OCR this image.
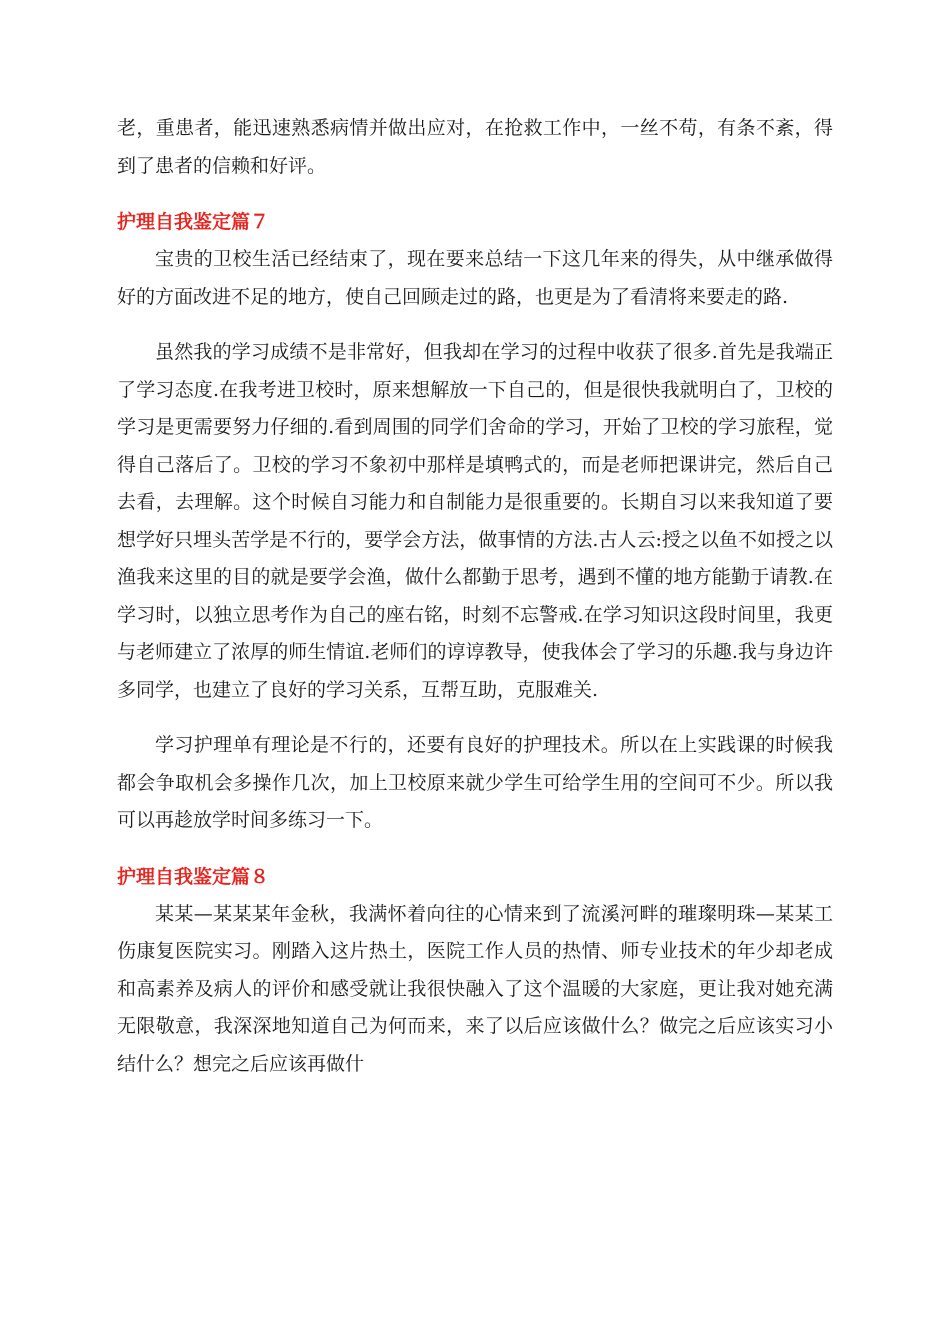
老，重患者，能迅速熟悉病情并做出应对，在抢救工作中，一丝不苟，有条不紊，得到了患者的信赖和好评。

护理自我鉴定篇７

宝贵的卫校生活已经结束了，现在要来总结一下这几年来的得失，从中继承做得好的方面改进不足的地方，使自己回顾走过的路，也更是为了看清将来要走的路.

虽然我的学习成绩不是非常好，但我却在学习的过程中收获了很多.首先是我端正了学习态度.在我考进卫校时，原来想解放一下自己的，但是很快我就明白了，卫校的学习是更需要努力仔细的.看到周围的同学们舍命的学习，开始了卫校的学习旅程，觉得自己落后了。卫校的学习不象初中那样是填鸭式的，而是老师把课讲完，然后自己去看，去理解。这个时候自习能力和自制能力是很重要的。长期自习以来我知道了要想学好只埋头苦学是不行的，要学会方法，做事情的方法.古人云:授之以鱼不如授之以渔我来这里的目的就是要学会渔，做什么都勤于思考，遇到不懂的地方能勤于请教.在学习时，以独立思考作为自己的座右铭，时刻不忘警戒.在学习知识这段时间里，我更与老师建立了浓厚的师生情谊.老师们的谆谆教导，使我体会了学习的乐趣.我与身边许多同学，也建立了良好的学习关系，互帮互助，克服难关.

学习护理单有理论是不行的，还要有良好的护理技术。所以在上实践课的时候我都会争取机会多操作几次，加上卫校原来就少学生可给学生用的空间可不少。所以我可以再趁放学时间多练习一下。

护理自我鉴定篇８

某某—某某某年金秋，我满怀着向往的心情来到了流溪河畔的璀璨明珠—某某工伤康复医院实习。刚踏入这片热土，医院工作人员的热情、师专业技术的年少却老成和高素养及病人的评价和感受就让我很快融入了这个温暖的大家庭，更让我对她充满无限敬意，我深深地知道自己为何而来，来了以后应该做什么？做完之后应该实习小结什么？想完之后应该再做什
